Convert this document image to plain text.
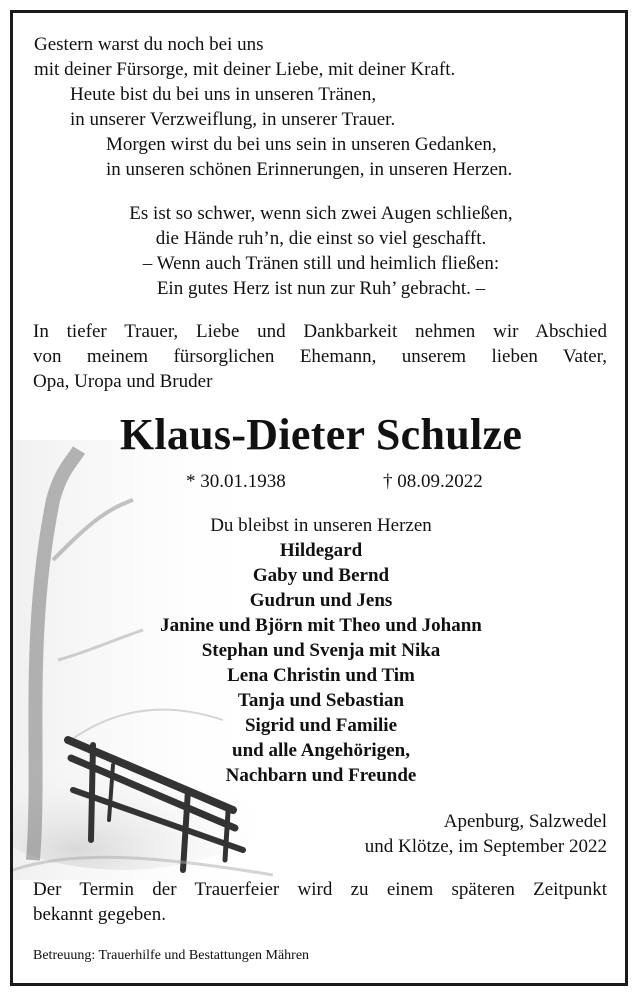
Gestern warst du noch bei uns
mit deiner Fürsorge, mit deiner Liebe, mit deiner Kraft.
Heute bist du bei uns in unseren Tränen,
in unserer Verzweiflung, in unserer Trauer.
Morgen wirst du bei uns sein in unseren Gedanken,
in unseren schönen Erinnerungen, in unseren Herzen.
Es ist so schwer, wenn sich zwei Augen schließen,
die Hände ruh’n, die einst so viel geschafft.
– Wenn auch Tränen still und heimlich fließen:
Ein gutes Herz ist nun zur Ruh’ gebracht. –
In tiefer Trauer, Liebe und Dankbarkeit nehmen wir Abschied
von meinem fürsorglichen Ehemann, unserem lieben Vater,
Opa, Uropa und Bruder
Klaus-Dieter Schulze
* 30.01.1938	† 08.09.2022
Du bleibst in unseren Herzen
Hildegard
Gaby und Bernd
Gudrun und Jens
Janine und Björn mit Theo und Johann
Stephan und Svenja mit Nika
Lena Christin und Tim
Tanja und Sebastian
Sigrid und Familie
und alle Angehörigen,
Nachbarn und Freunde
Apenburg, Salzwedel
und Klötze, im September 2022
Der Termin der Trauerfeier wird zu einem späteren Zeitpunkt
bekannt gegeben.
Betreuung: Trauerhilfe und Bestattungen Mähren
